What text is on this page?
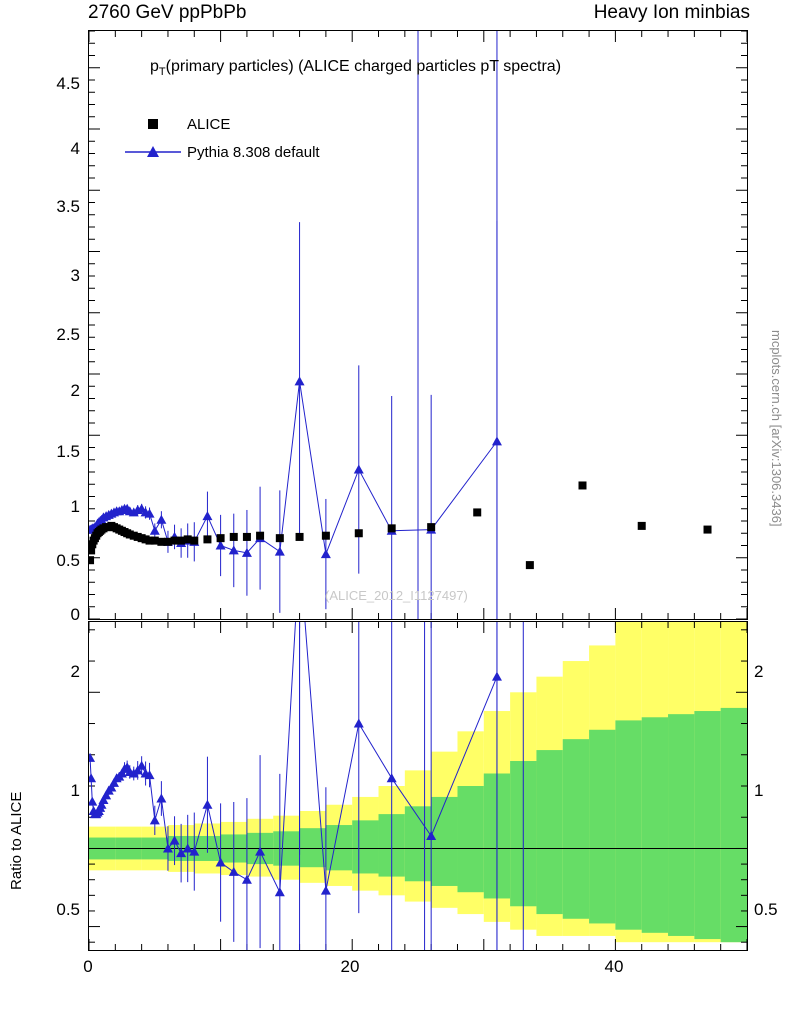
2760 GeV ppPbPb	Heavy Ion minbias
0
0.5
1
1.5
2
2.5
3
3.5
4
4.5
$p_T(primary$ particles) (ALICE charged particles pT spectra)
ALICE
Pythia 8.308 default
(ALICE_2012_I1127497)
mcplots.cern.ch [arXiv:1306.3436]
Ratio to ALICE
2
1
0.5
2
1
0.5
0	20	40
